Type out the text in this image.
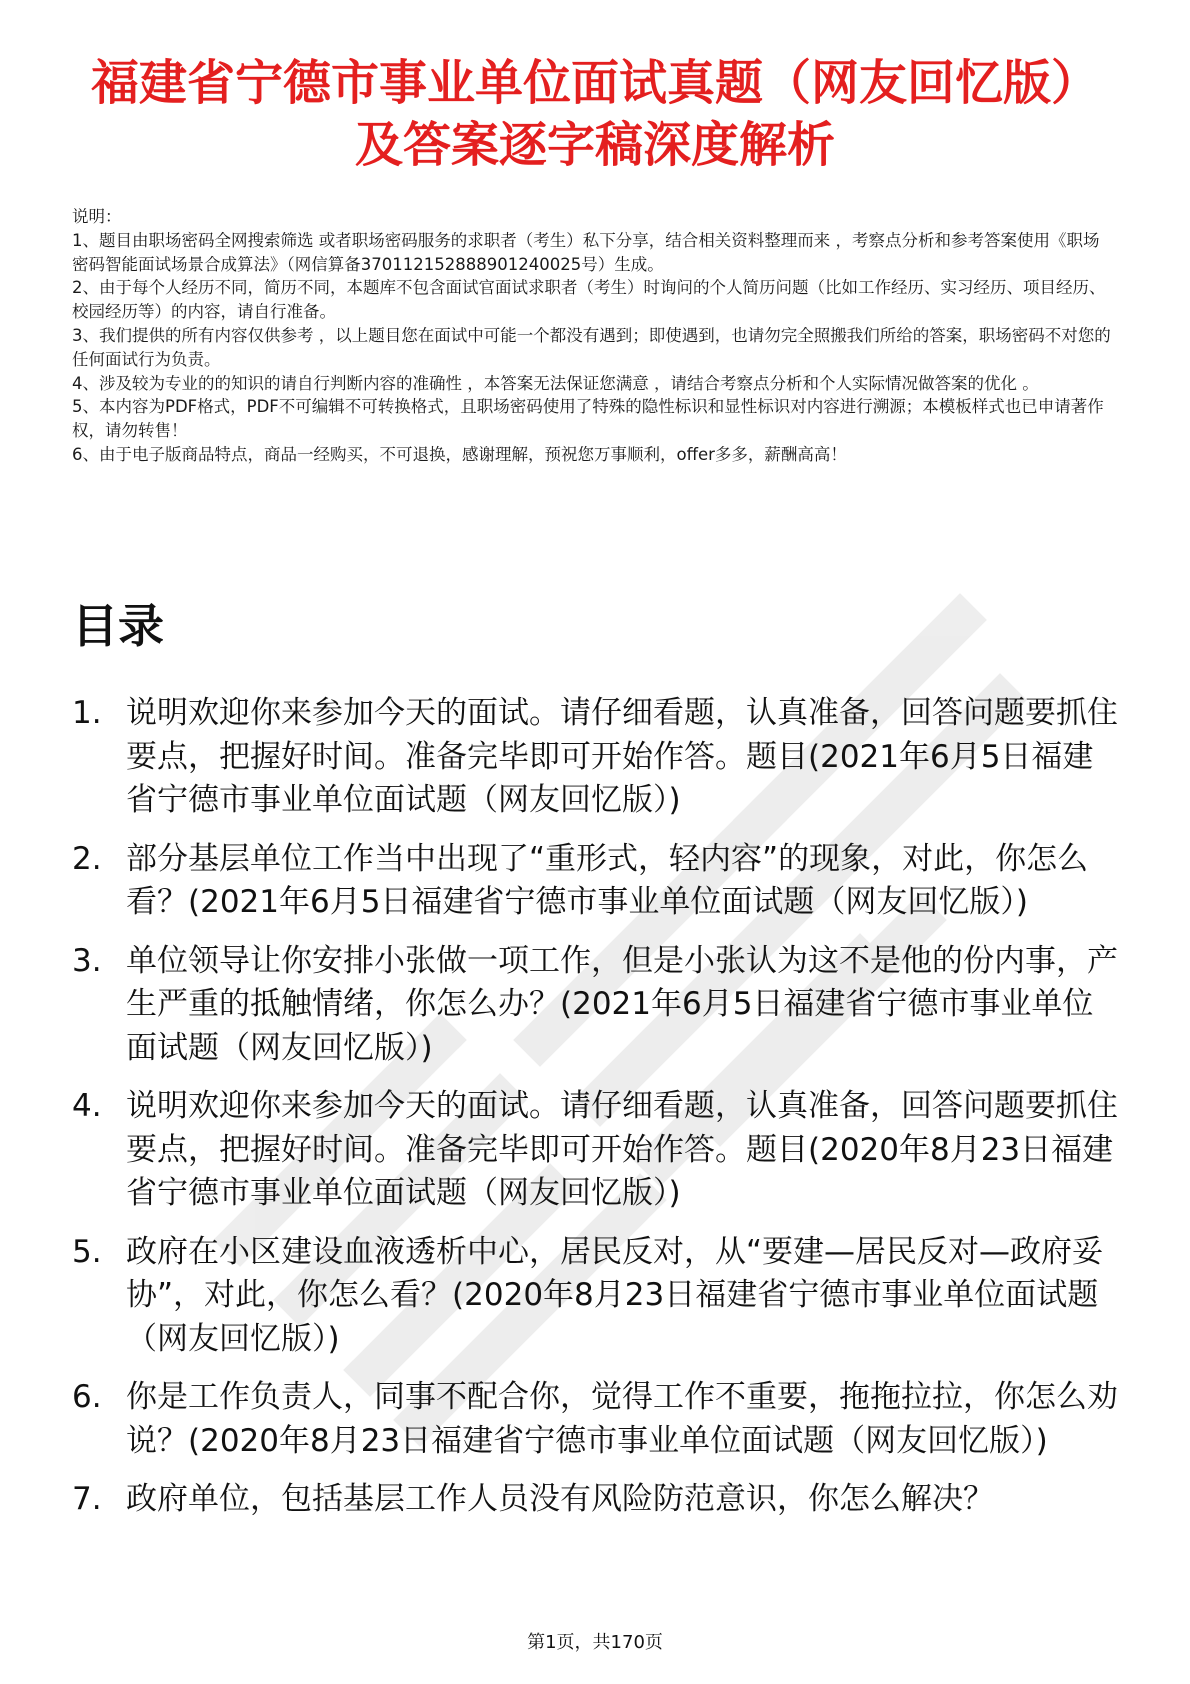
福建省宁德市事业单位面试真题（网友回忆版）及答案逐字稿深度解析

说明：

1、题目由职场密码全网搜索筛选 或者职场密码服务的求职者（考生）私下分享，结合相关资料整理而来 ，考察点分析和参考答案使用《职场密码智能面试场景合成算法》（网信算备370112152888901240025号）生成。

2、由于每个人经历不同，简历不同，本题库不包含面试官面试求职者（考生）时询问的个人简历问题（比如工作经历、实习经历、项目经历、校园经历等）的内容，请自行准备。

3、我们提供的所有内容仅供参考 ，以上题目您在面试中可能一个都没有遇到；即使遇到，也请勿完全照搬我们所给的答案，职场密码不对您的任何面试行为负责。

4、涉及较为专业的的知识的请自行判断内容的准确性 ，本答案无法保证您满意 ，请结合考察点分析和个人实际情况做答案的优化 。

5、本内容为PDF格式，PDF不可编辑不可转换格式，且职场密码使用了特殊的隐性标识和显性标识对内容进行溯源；本模板样式也已申请著作权，请勿转售！

6、由于电子版商品特点，商品一经购买，不可退换，感谢理解，预祝您万事顺利，offer多多，薪酬高高！

目录
1. 说明欢迎你来参加今天的面试。请仔细看题，认真准备，回答问题要抓住要点，把握好时间。准备完毕即可开始作答。题目(2021年6月5日福建省宁德市事业单位面试题（网友回忆版）)
2. 部分基层单位工作当中出现了“重形式，轻内容”的现象，对此，你怎么看？(2021年6月5日福建省宁德市事业单位面试题（网友回忆版）)
3. 单位领导让你安排小张做一项工作，但是小张认为这不是他的份内事，产生严重的抵触情绪，你怎么办？(2021年6月5日福建省宁德市事业单位面试题（网友回忆版）)
4. 说明欢迎你来参加今天的面试。请仔细看题，认真准备，回答问题要抓住要点，把握好时间。准备完毕即可开始作答。题目(2020年8月23日福建省宁德市事业单位面试题（网友回忆版）)
5. 政府在小区建设血液透析中心，居民反对，从“要建—居民反对—政府妥协”，对此，你怎么看？(2020年8月23日福建省宁德市事业单位面试题（网友回忆版）)
6. 你是工作负责人，同事不配合你，觉得工作不重要，拖拖拉拉，你怎么劝说？(2020年8月23日福建省宁德市事业单位面试题（网友回忆版）)
7. 政府单位，包括基层工作人员没有风险防范意识，你怎么解决？
第1页，共170页
